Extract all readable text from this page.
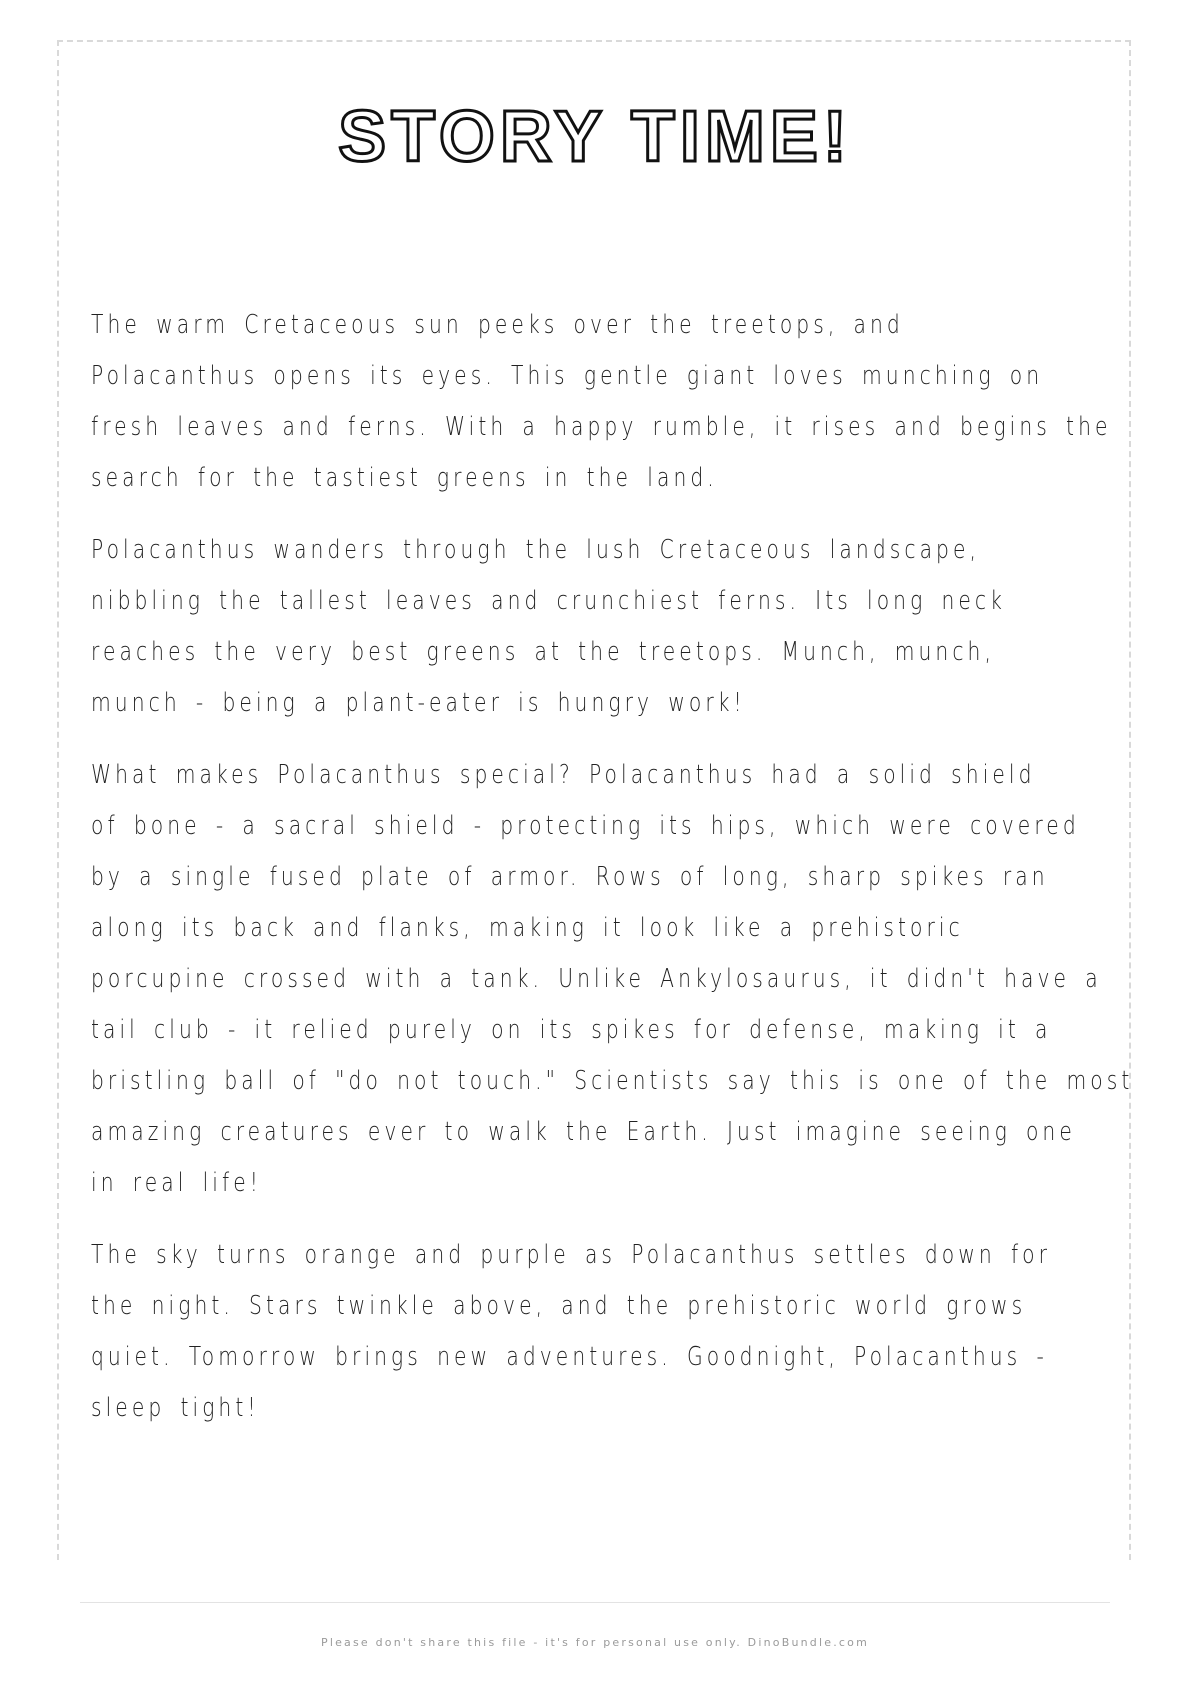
STORY TIME!

The warm Cretaceous sun peeks over the treetops, and
Polacanthus opens its eyes. This gentle giant loves munching on
fresh leaves and ferns. With a happy rumble, it rises and begins the
search for the tastiest greens in the land.

Polacanthus wanders through the lush Cretaceous landscape,
nibbling the tallest leaves and crunchiest ferns. Its long neck
reaches the very best greens at the treetops. Munch, munch,
munch - being a plant-eater is hungry work!

What makes Polacanthus special? Polacanthus had a solid shield
of bone - a sacral shield - protecting its hips, which were covered
by a single fused plate of armor. Rows of long, sharp spikes ran
along its back and flanks, making it look like a prehistoric
porcupine crossed with a tank. Unlike Ankylosaurus, it didn't have a
tail club - it relied purely on its spikes for defense, making it a
bristling ball of "do not touch." Scientists say this is one of the most
amazing creatures ever to walk the Earth. Just imagine seeing one
in real life!

The sky turns orange and purple as Polacanthus settles down for
the night. Stars twinkle above, and the prehistoric world grows
quiet. Tomorrow brings new adventures. Goodnight, Polacanthus -
sleep tight!

Please don't share this file - it's for personal use only. DinoBundle.com
